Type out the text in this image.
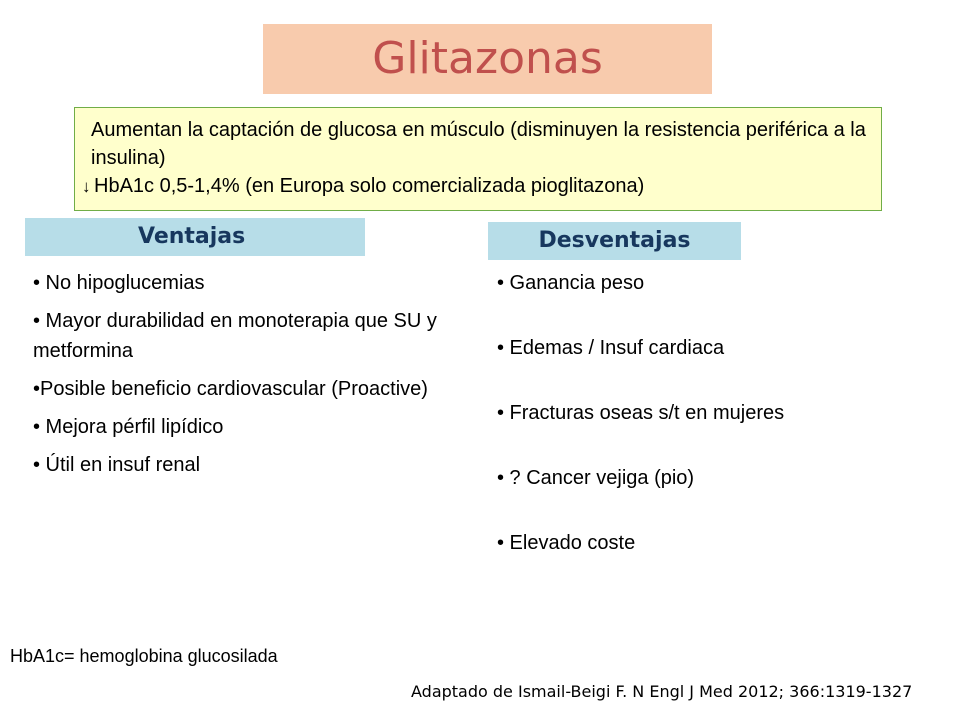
Glitazonas
Aumentan la captación de glucosa en músculo (disminuyen la resistencia periférica a la insulina)
↓ HbA1c 0,5-1,4% (en Europa solo comercializada pioglitazona)
Ventajas	Desventajas
• No hipoglucemias
• Mayor durabilidad en monoterapia que SU y metformina
•Posible beneficio cardiovascular (Proactive)
• Mejora pérfil lipídico
• Útil en insuf renal
• Ganancia peso
• Edemas / Insuf cardiaca
• Fracturas oseas s/t en mujeres
• ? Cancer vejiga (pio)
• Elevado coste
HbA1c= hemoglobina glucosilada
Adaptado de Ismail-Beigi F. N Engl J Med 2012; 366:1319-1327
